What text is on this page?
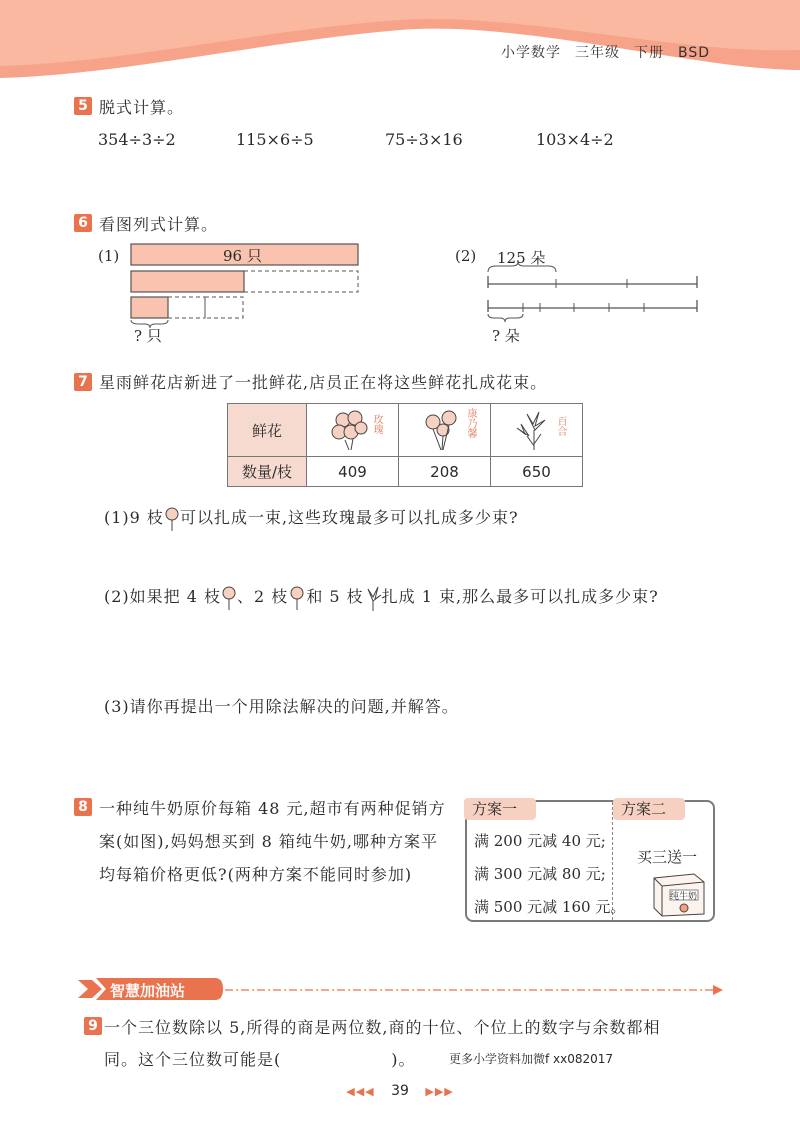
小学数学 三年级 下册 BSD
5 脱式计算。
354÷3÷2	115×6÷5	75÷3×16	103×4÷2
6 看图列式计算。
(1)	96 只
? 只
(2) 125 朵
? 朵
7 星雨鲜花店新进了一批鲜花,店员正在将这些鲜花扎成花束。
鲜花	玫瑰	康乃馨	百合

数量/枝	409	208	650
(1)9 枝 可以扎成一束,这些玫瑰最多可以扎成多少束?
(2)如果把 4 枝 、2 枝 和 5 枝 扎成 1 束,那么最多可以扎成多少束?
(3)请你再提出一个用除法解决的问题,并解答。
8 一种纯牛奶原价每箱 48 元,超市有两种促销方
案(如图),妈妈想买到 8 箱纯牛奶,哪种方案平
均每箱价格更低?(两种方案不能同时参加)
方案一	方案二
满 200 元减 40 元;
满 300 元减 80 元;
满 500 元减 160 元。
买三送一
纯牛奶
智慧加油站
9 一个三位数除以 5,所得的商是两位数,商的十位、个位上的数字与余数都相
同。这个三位数可能是(	)。	更多小学资料加微f xx082017
◀◀◀ 39 ▶▶▶
